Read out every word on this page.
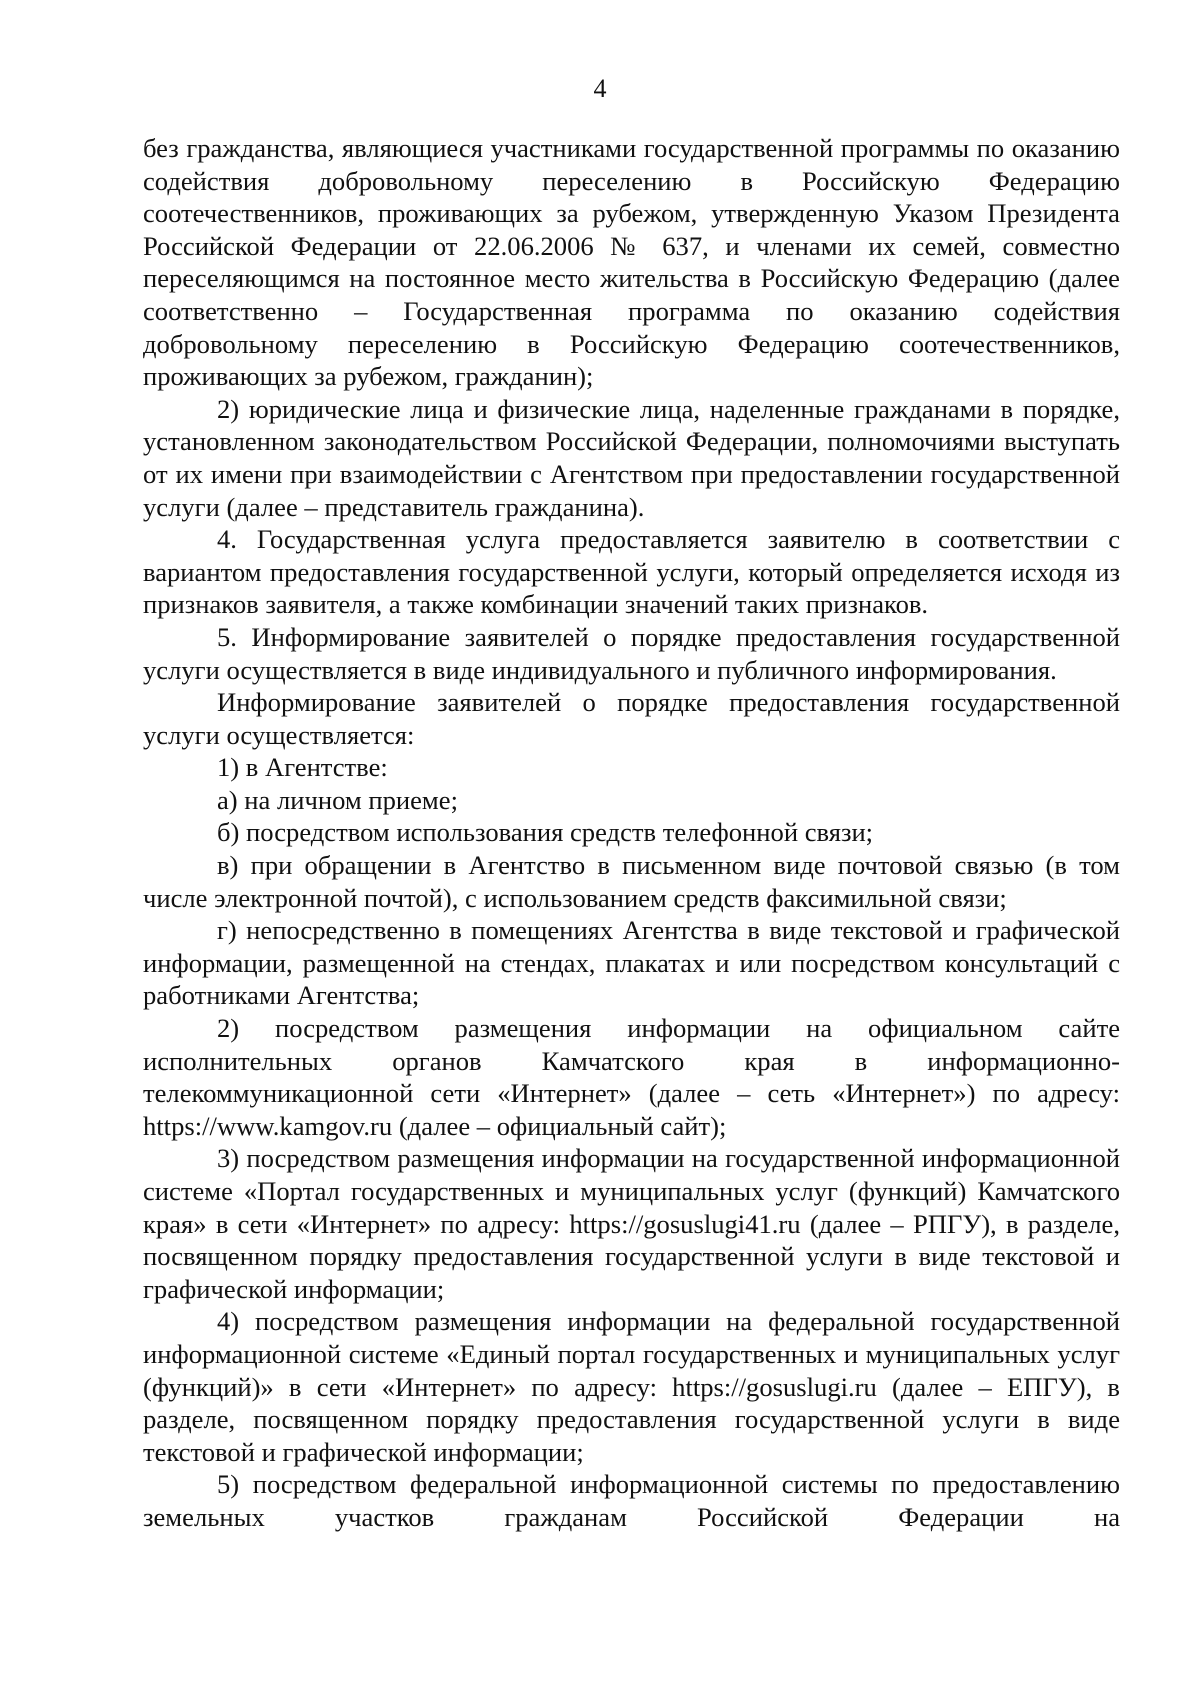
4

без гражданства, являющиеся участниками государственной программы по оказанию содействия добровольному переселению в Российскую Федерацию соотечественников, проживающих за рубежом, утвержденную Указом Президента Российской Федерации от 22.06.2006 № 637, и членами их семей, совместно переселяющимся на постоянное место жительства в Российскую Федерацию (далее соответственно – Государственная программа по оказанию содействия добровольному переселению в Российскую Федерацию соотечественников, проживающих за рубежом, гражданин);

2) юридические лица и физические лица, наделенные гражданами в порядке, установленном законодательством Российской Федерации, полномочиями выступать от их имени при взаимодействии с Агентством при предоставлении государственной услуги (далее – представитель гражданина).

4. Государственная услуга предоставляется заявителю в соответствии с вариантом предоставления государственной услуги, который определяется исходя из признаков заявителя, а также комбинации значений таких признаков.

5. Информирование заявителей о порядке предоставления государственной услуги осуществляется в виде индивидуального и публичного информирования.

Информирование заявителей о порядке предоставления государственной услуги осуществляется:

1) в Агентстве:

а) на личном приеме;

б) посредством использования средств телефонной связи;

в) при обращении в Агентство в письменном виде почтовой связью (в том числе электронной почтой), с использованием средств факсимильной связи;

г) непосредственно в помещениях Агентства в виде текстовой и графической информации, размещенной на стендах, плакатах и или посредством консультаций с работниками Агентства;

2) посредством размещения информации на официальном сайте исполнительных органов Камчатского края в информационно-телекоммуникационной сети «Интернет» (далее – сеть «Интернет») по адресу: https://www.kamgov.ru (далее – официальный сайт);

3) посредством размещения информации на государственной информационной системе «Портал государственных и муниципальных услуг (функций) Камчатского края» в сети «Интернет» по адресу: https://gosuslugi41.ru (далее – РПГУ), в разделе, посвященном порядку предоставления государственной услуги в виде текстовой и графической информации;

4) посредством размещения информации на федеральной государственной информационной системе «Единый портал государственных и муниципальных услуг (функций)» в сети «Интернет» по адресу: https://gosuslugi.ru (далее – ЕПГУ), в разделе, посвященном порядку предоставления государственной услуги в виде текстовой и графической информации;

5) посредством федеральной информационной системы по предоставлению земельных участков гражданам Российской Федерации на
